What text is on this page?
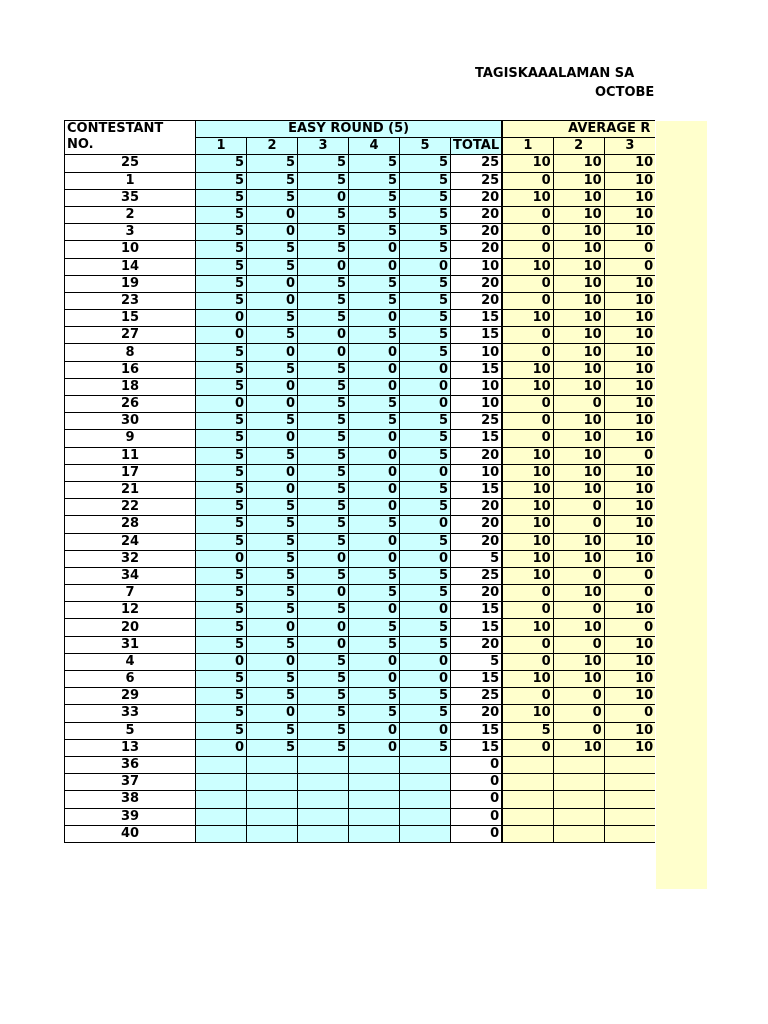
TAGISKAAALAMAN SA
OCTOBE
CONTESTANT NO.	EASY ROUND (5)						AVERAGE R		
	1	2	3	4	5	TOTAL	1	2	3
25	5	5	5	5	5	25	10	10	10
1	5	5	5	5	5	25	0	10	10
35	5	5	0	5	5	20	10	10	10
2	5	0	5	5	5	20	0	10	10
3	5	0	5	5	5	20	0	10	10
10	5	5	5	0	5	20	0	10	0
14	5	5	0	0	0	10	10	10	0
19	5	0	5	5	5	20	0	10	10
23	5	0	5	5	5	20	0	10	10
15	0	5	5	0	5	15	10	10	10
27	0	5	0	5	5	15	0	10	10
8	5	0	0	0	5	10	0	10	10
16	5	5	5	0	0	15	10	10	10
18	5	0	5	0	0	10	10	10	10
26	0	0	5	5	0	10	0	0	10
30	5	5	5	5	5	25	0	10	10
9	5	0	5	0	5	15	0	10	10
11	5	5	5	0	5	20	10	10	0
17	5	0	5	0	0	10	10	10	10
21	5	0	5	0	5	15	10	10	10
22	5	5	5	0	5	20	10	0	10
28	5	5	5	5	0	20	10	0	10
24	5	5	5	0	5	20	10	10	10
32	0	5	0	0	0	5	10	10	10
34	5	5	5	5	5	25	10	0	0
7	5	5	0	5	5	20	0	10	0
12	5	5	5	0	0	15	0	0	10
20	5	0	0	5	5	15	10	10	0
31	5	5	0	5	5	20	0	0	10
4	0	0	5	0	0	5	0	10	10
6	5	5	5	0	0	15	10	10	10
29	5	5	5	5	5	25	0	0	10
33	5	0	5	5	5	20	10	0	0
5	5	5	5	0	0	15	5	0	10
13	0	5	5	0	5	15	0	10	10
36						0			
37						0			
38						0			
39						0			
40						0			
